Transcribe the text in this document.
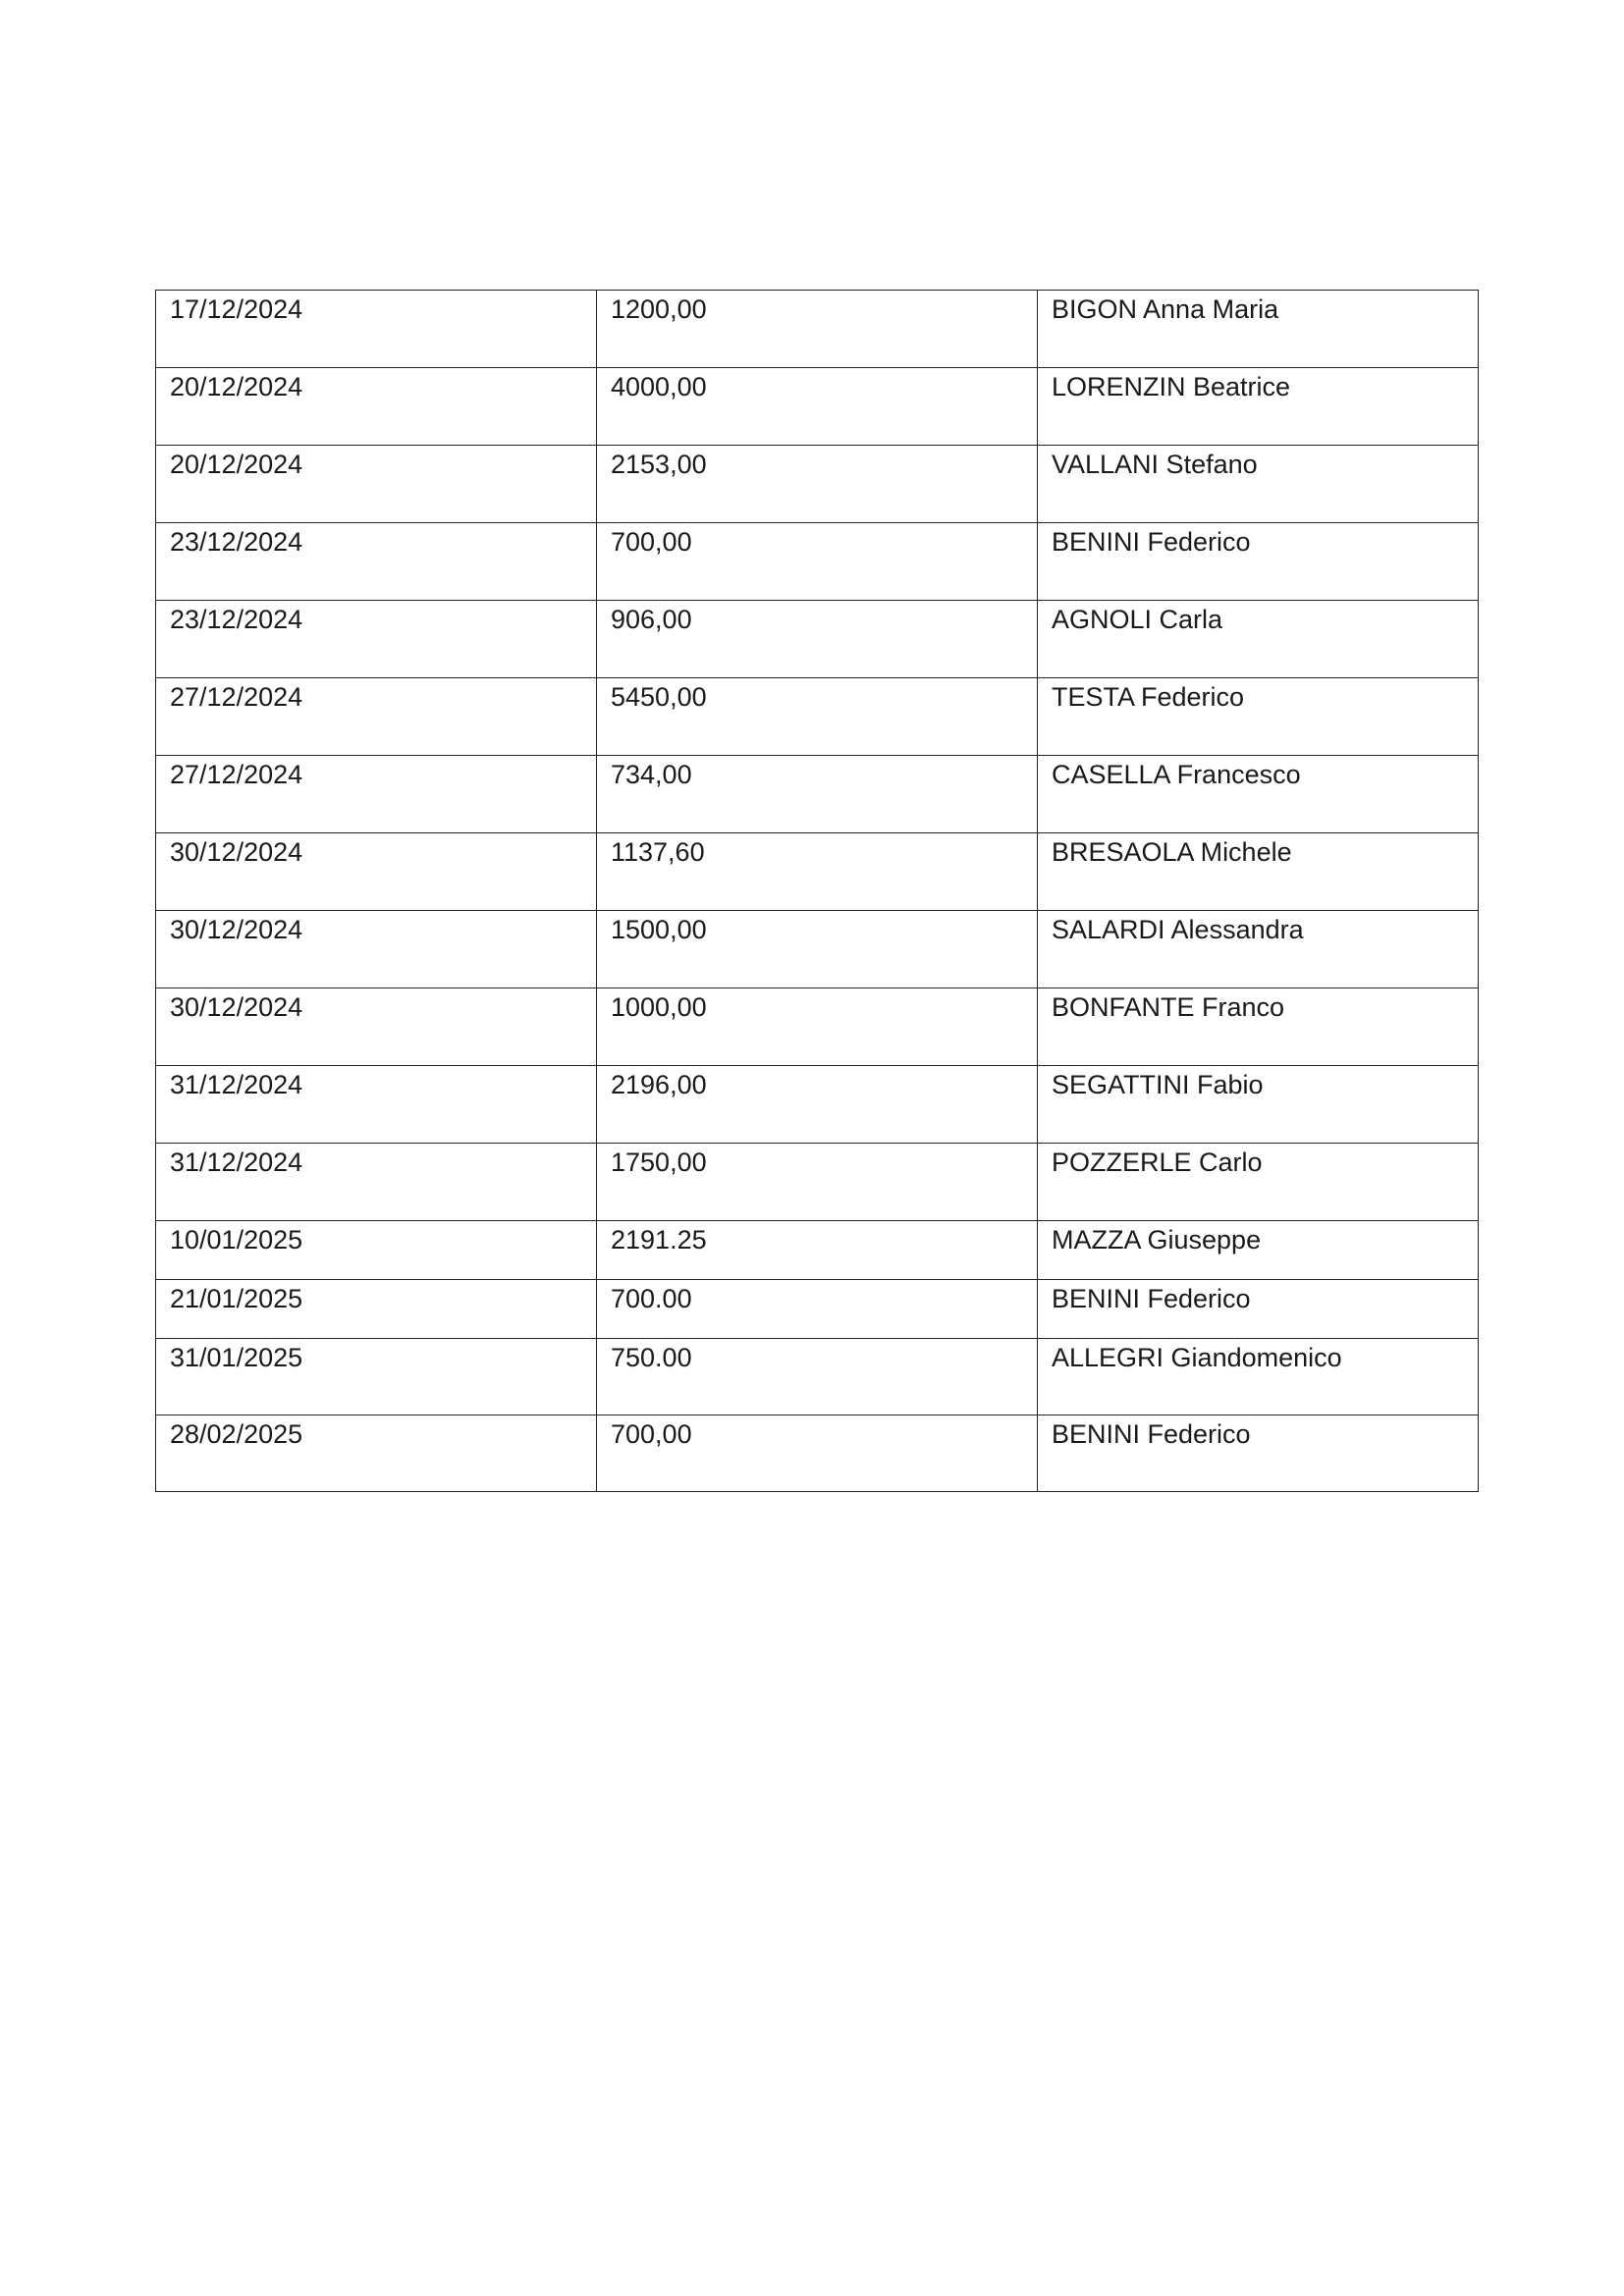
17/12/2024	1200,00	BIGON Anna Maria
20/12/2024	4000,00	LORENZIN Beatrice
20/12/2024	2153,00	VALLANI Stefano
23/12/2024	700,00	BENINI Federico
23/12/2024	906,00	AGNOLI Carla
27/12/2024	5450,00	TESTA Federico
27/12/2024	734,00	CASELLA Francesco
30/12/2024	1137,60	BRESAOLA Michele
30/12/2024	1500,00	SALARDI Alessandra
30/12/2024	1000,00	BONFANTE Franco
31/12/2024	2196,00	SEGATTINI Fabio
31/12/2024	1750,00	POZZERLE Carlo
10/01/2025	2191.25	MAZZA Giuseppe
21/01/2025	700.00	BENINI Federico
31/01/2025	750.00	ALLEGRI Giandomenico
28/02/2025	700,00	BENINI Federico
